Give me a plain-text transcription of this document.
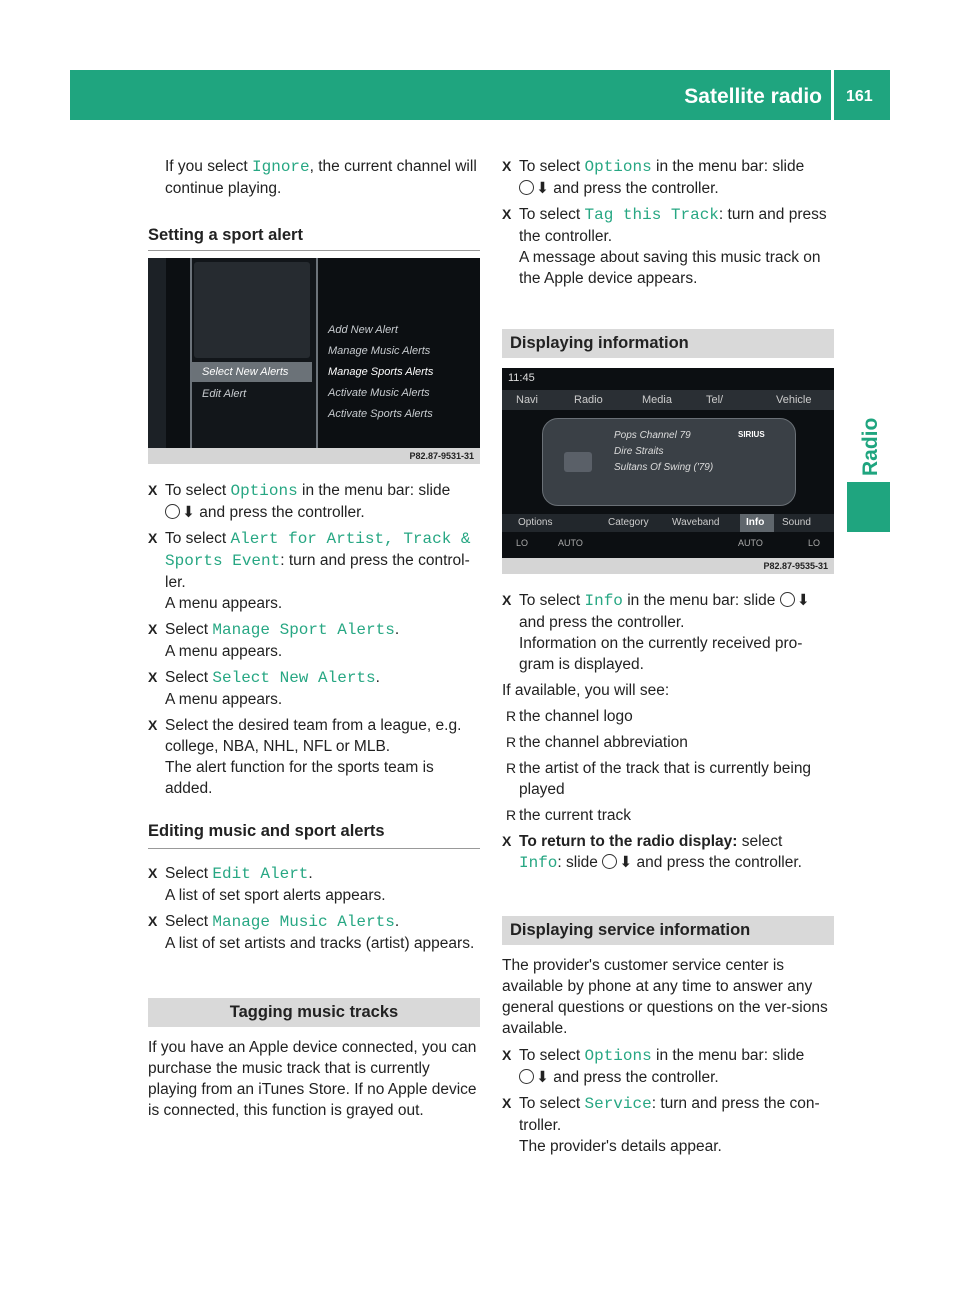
Satellite radio 161
Radio

If you select Ignore, the current channel will continue playing.

Setting a sport alert
Select New Alerts
Edit Alert
Add New Alert
Manage Music Alerts
Manage Sports Alerts
Activate Music Alerts
Activate Sports Alerts
P82.87-9531-31
X To select Options in the menu bar: slide
⬇ and press the controller.
X To select Alert for Artist, Track & Sports Event: turn and press the control-ler.
A menu appears.
X Select Manage Sport Alerts.
A menu appears.
X Select Select New Alerts.
A menu appears.
X Select the desired team from a league, e.g. college, NBA, NHL, NFL or MLB.
The alert function for the sports team is added.
Editing music and sport alerts
X Select Edit Alert.
A list of set sport alerts appears.
X Select Manage Music Alerts.
A list of set artists and tracks (artist) appears.
Tagging music tracks

If you have an Apple device connected, you can purchase the music track that is currently playing from an iTunes Store. If no Apple device is connected, this function is grayed out.

X To select Options in the menu bar: slide
⬇ and press the controller.
X To select Tag this Track: turn and press the controller.
A message about saving this music track on the Apple device appears.
Displaying information
11:45
Navi	Radio	Media	Tel/	Vehicle
Pops Channel 79
Dire Straits
Sultans Of Swing ('79)
SIRIUS
Options	Category Waveband	Info Sound
LO	AUTO	AUTO	LO
P82.87-9535-31
X To select Info in the menu bar: slide ⬇
and press the controller.
Information on the currently received pro-gram is displayed.

If available, you will see:

R the channel logo
R the channel abbreviation
R the artist of the track that is currently being played
R the current track
X To return to the radio display: select
Info: slide ⬇ and press the controller.
Displaying service information

The provider's customer service center is available by phone at any time to answer any general questions or questions on the ver-sions available.

X To select Options in the menu bar: slide
⬇ and press the controller.
X To select Service: turn and press the con-troller.
The provider's details appear.
